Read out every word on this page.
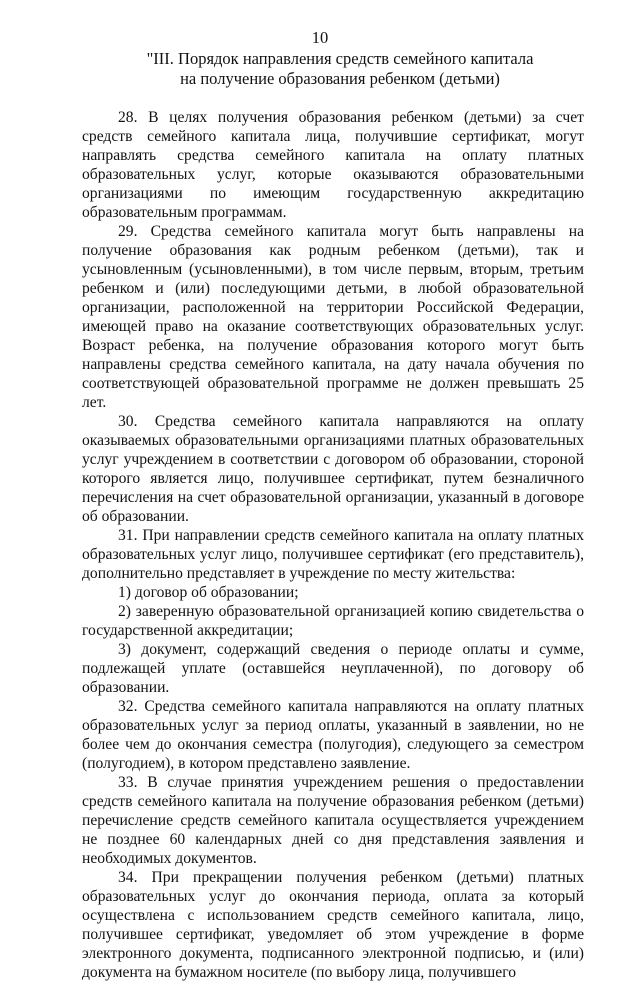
10
"III. Порядок направления средств семейного капитала
на получение образования ребенком (детьми)

28. В целях получения образования ребенком (детьми) за счет средств семейного капитала лица, получившие сертификат, могут направлять средства семейного капитала на оплату платных образовательных услуг, которые оказываются образовательными организациями по имеющим государственную аккредитацию образовательным программам.

29. Средства семейного капитала могут быть направлены на получение образования как родным ребенком (детьми), так и усыновленным (усыновленными), в том числе первым, вторым, третьим ребенком и (или) последующими детьми, в любой образовательной организации, расположенной на территории Российской Федерации, имеющей право на оказание соответствующих образовательных услуг. Возраст ребенка, на получение образования которого могут быть направлены средства семейного капитала, на дату начала обучения по соответствующей образовательной программе не должен превышать 25 лет.

30. Средства семейного капитала направляются на оплату оказываемых образовательными организациями платных образовательных услуг учреждением в соответствии с договором об образовании, стороной которого является лицо, получившее сертификат, путем безналичного перечисления на счет образовательной организации, указанный в договоре об образовании.

31. При направлении средств семейного капитала на оплату платных образовательных услуг лицо, получившее сертификат (его представитель), дополнительно представляет в учреждение по месту жительства:

1) договор об образовании;

2) заверенную образовательной организацией копию свидетельства о государственной аккредитации;

3) документ, содержащий сведения о периоде оплаты и сумме, подлежащей уплате (оставшейся неуплаченной), по договору об образовании.

32. Средства семейного капитала направляются на оплату платных образовательных услуг за период оплаты, указанный в заявлении, но не более чем до окончания семестра (полугодия), следующего за семестром (полугодием), в котором представлено заявление.

33. В случае принятия учреждением решения о предоставлении средств семейного капитала на получение образования ребенком (детьми) перечисление средств семейного капитала осуществляется учреждением не позднее 60 календарных дней со дня представления заявления и необходимых документов.

34. При прекращении получения ребенком (детьми) платных образовательных услуг до окончания периода, оплата за который осуществлена с использованием средств семейного капитала, лицо, получившее сертификат, уведомляет об этом учреждение в форме электронного документа, подписанного электронной подписью, и (или) документа на бумажном носителе (по выбору лица, получившего
